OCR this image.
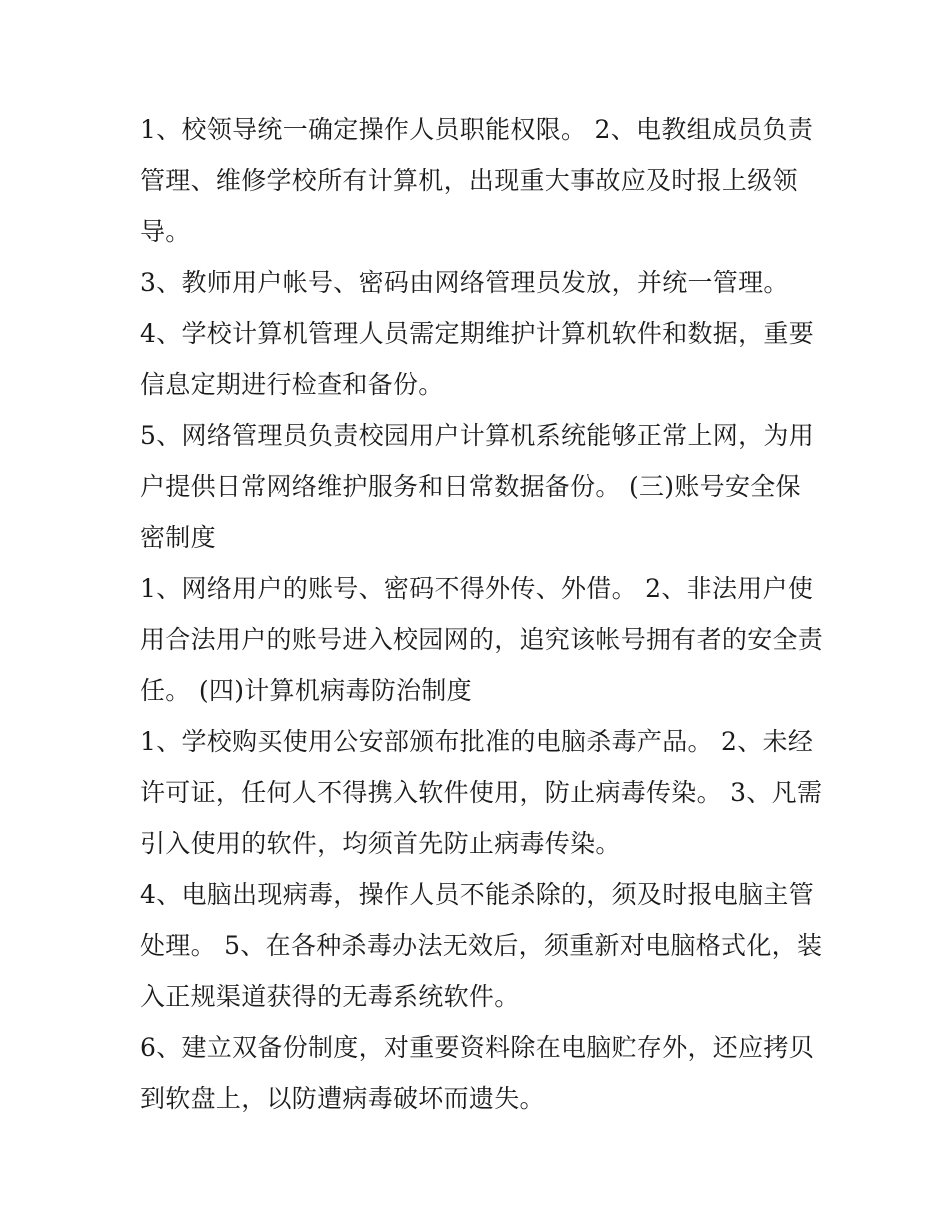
1、校领导统一确定操作人员职能权限。 2、电教组成员负责
管理、维修学校所有计算机，出现重大事故应及时报上级领
导。

3、教师用户帐号、密码由网络管理员发放，并统一管理。

4、学校计算机管理人员需定期维护计算机软件和数据，重要
信息定期进行检查和备份。

5、网络管理员负责校园用户计算机系统能够正常上网，为用
户提供日常网络维护服务和日常数据备份。 (三)账号安全保
密制度

1、网络用户的账号、密码不得外传、外借。 2、非法用户使
用合法用户的账号进入校园网的，追究该帐号拥有者的安全责
任。 (四)计算机病毒防治制度

1、学校购买使用公安部颁布批准的电脑杀毒产品。 2、未经
许可证，任何人不得携入软件使用，防止病毒传染。 3、凡需
引入使用的软件，均须首先防止病毒传染。

4、电脑出现病毒，操作人员不能杀除的，须及时报电脑主管
处理。 5、在各种杀毒办法无效后，须重新对电脑格式化，装
入正规渠道获得的无毒系统软件。

6、建立双备份制度，对重要资料除在电脑贮存外，还应拷贝
到软盘上，以防遭病毒破坏而遗失。
